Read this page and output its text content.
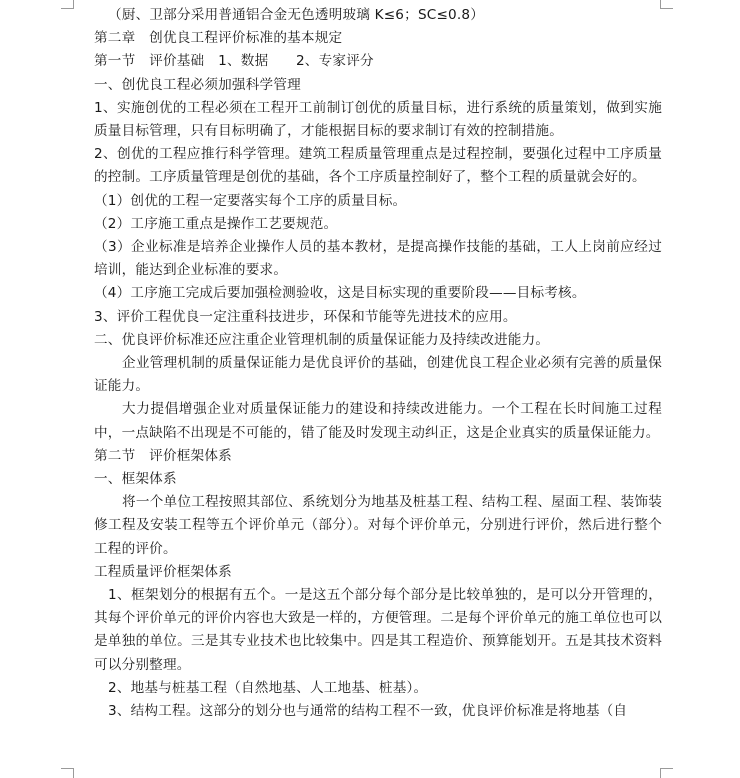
（厨、卫部分采用普通铝合金无色透明玻璃 K≤6；SC≤0.8）

第二章　创优良工程评价标准的基本规定

第一节　评价基础　1、数据　　2、专家评分

一、创优良工程必须加强科学管理

1、实施创优的工程必须在工程开工前制订创优的质量目标，进行系统的质量策划，做到实施质量目标管理，只有目标明确了，才能根据目标的要求制订有效的控制措施。

2、创优的工程应推行科学管理。建筑工程质量管理重点是过程控制，要强化过程中工序质量的控制。工序质量管理是创优的基础，各个工序质量控制好了，整个工程的质量就会好的。

（1）创优的工程一定要落实每个工序的质量目标。

（2）工序施工重点是操作工艺要规范。

（3）企业标准是培养企业操作人员的基本教材，是提高操作技能的基础，工人上岗前应经过培训，能达到企业标准的要求。

（4）工序施工完成后要加强检测验收，这是目标实现的重要阶段——目标考核。

3、评价工程优良一定注重科技进步，环保和节能等先进技术的应用。

二、优良评价标准还应注重企业管理机制的质量保证能力及持续改进能力。

企业管理机制的质量保证能力是优良评价的基础，创建优良工程企业必须有完善的质量保证能力。

大力提倡增强企业对质量保证能力的建设和持续改进能力。一个工程在长时间施工过程中，一点缺陷不出现是不可能的，错了能及时发现主动纠正，这是企业真实的质量保证能力。

第二节　评价框架体系

一、框架体系

将一个单位工程按照其部位、系统划分为地基及桩基工程、结构工程、屋面工程、装饰装修工程及安装工程等五个评价单元（部分）。对每个评价单元，分别进行评价，然后进行整个工程的评价。

工程质量评价框架体系

1、框架划分的根据有五个。一是这五个部分每个部分是比较单独的，是可以分开管理的，其每个评价单元的评价内容也大致是一样的，方便管理。二是每个评价单元的施工单位也可以是单独的单位。三是其专业技术也比较集中。四是其工程造价、预算能划开。五是其技术资料可以分别整理。

2、地基与桩基工程（自然地基、人工地基、桩基）。

3、结构工程。这部分的划分也与通常的结构工程不一致，优良评价标准是将地基（自
